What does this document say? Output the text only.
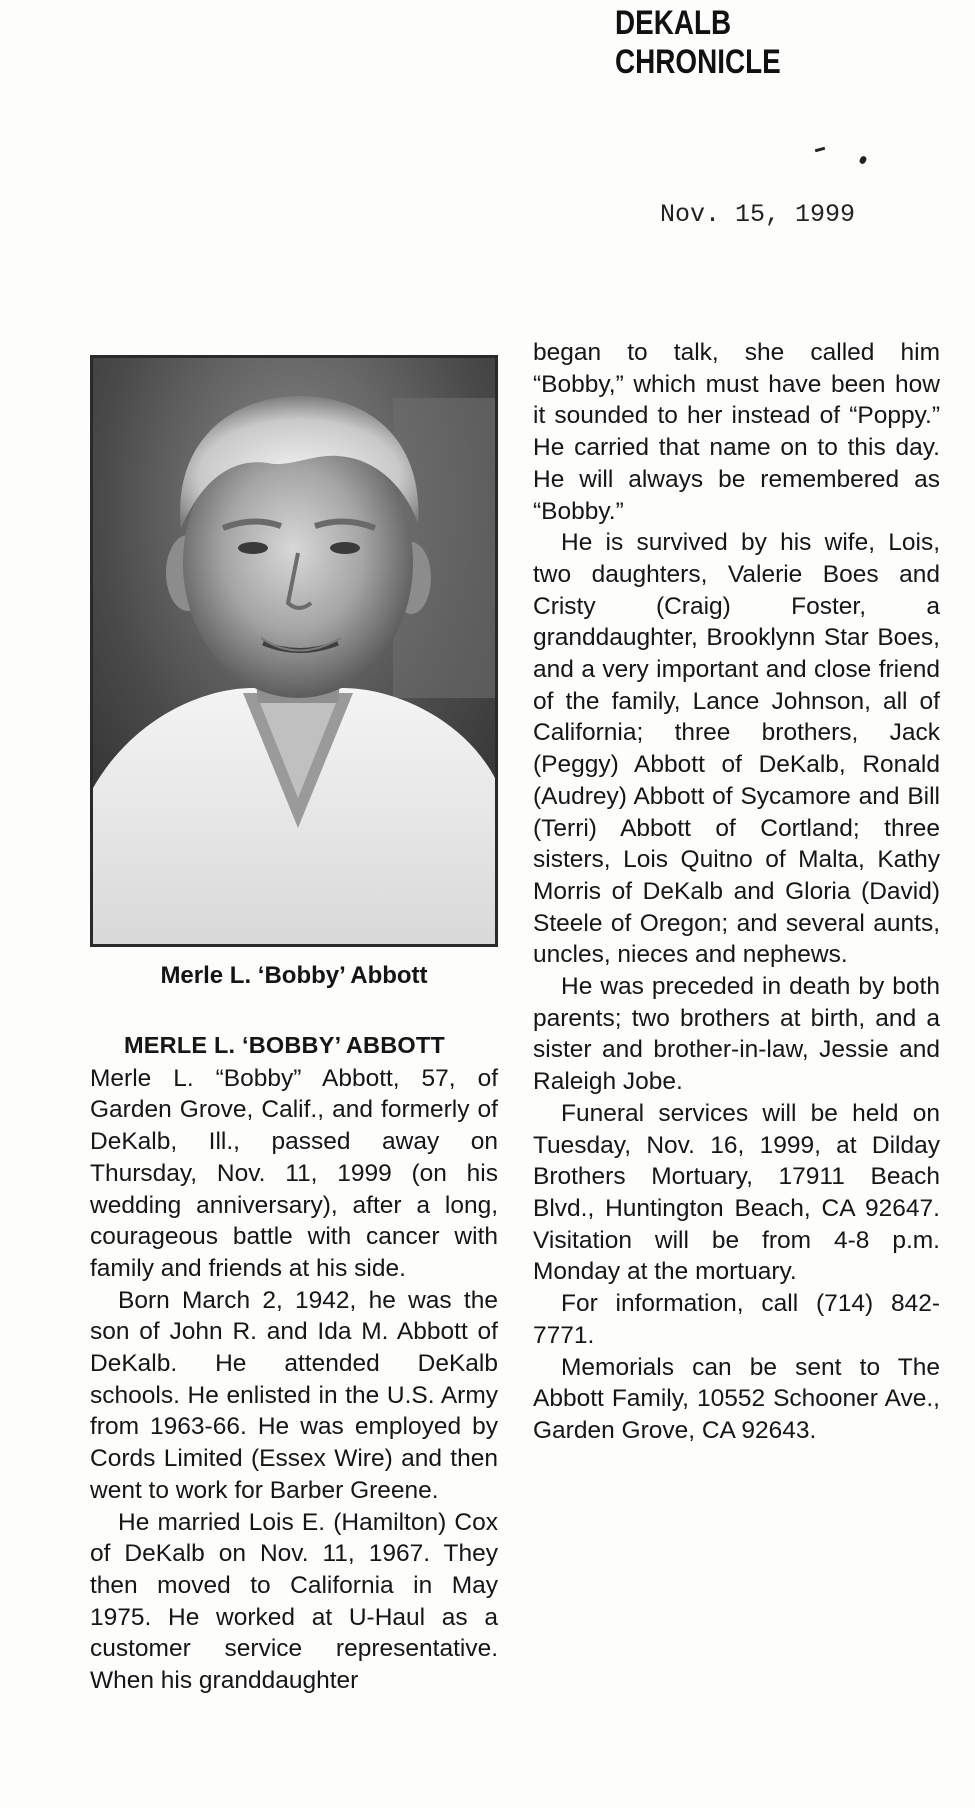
DEKALB CHRONICLE
Nov. 15, 1999
Merle L. ‘Bobby’ Abbott

MERLE L. ‘BOBBY’ ABBOTT

Merle L. “Bobby” Abbott, 57, of Garden Grove, Calif., and formerly of DeKalb, Ill., passed away on Thursday, Nov. 11, 1999 (on his wedding anniversary), after a long, courageous battle with cancer with family and friends at his side.

Born March 2, 1942, he was the son of John R. and Ida M. Abbott of DeKalb. He attended DeKalb schools. He enlisted in the U.S. Army from 1963-66. He was employed by Cords Limited (Essex Wire) and then went to work for Barber Greene.

He married Lois E. (Hamilton) Cox of DeKalb on Nov. 11, 1967. They then moved to California in May 1975. He worked at U-Haul as a customer service representative. When his granddaughter

began to talk, she called him “Bobby,” which must have been how it sounded to her instead of “Poppy.” He carried that name on to this day. He will always be remembered as “Bobby.”

He is survived by his wife, Lois, two daughters, Valerie Boes and Cristy (Craig) Foster, a granddaughter, Brooklynn Star Boes, and a very important and close friend of the family, Lance Johnson, all of California; three brothers, Jack (Peggy) Abbott of DeKalb, Ronald (Audrey) Abbott of Sycamore and Bill (Terri) Abbott of Cortland; three sisters, Lois Quitno of Malta, Kathy Morris of DeKalb and Gloria (David) Steele of Oregon; and several aunts, uncles, nieces and nephews.

He was preceded in death by both parents; two brothers at birth, and a sister and brother-in-law, Jessie and Raleigh Jobe.

Funeral services will be held on Tuesday, Nov. 16, 1999, at Dilday Brothers Mortuary, 17911 Beach Blvd., Huntington Beach, CA 92647. Visitation will be from 4-8 p.m. Monday at the mortuary.

For information, call (714) 842-7771.

Memorials can be sent to The Abbott Family, 10552 Schooner Ave., Garden Grove, CA 92643.
